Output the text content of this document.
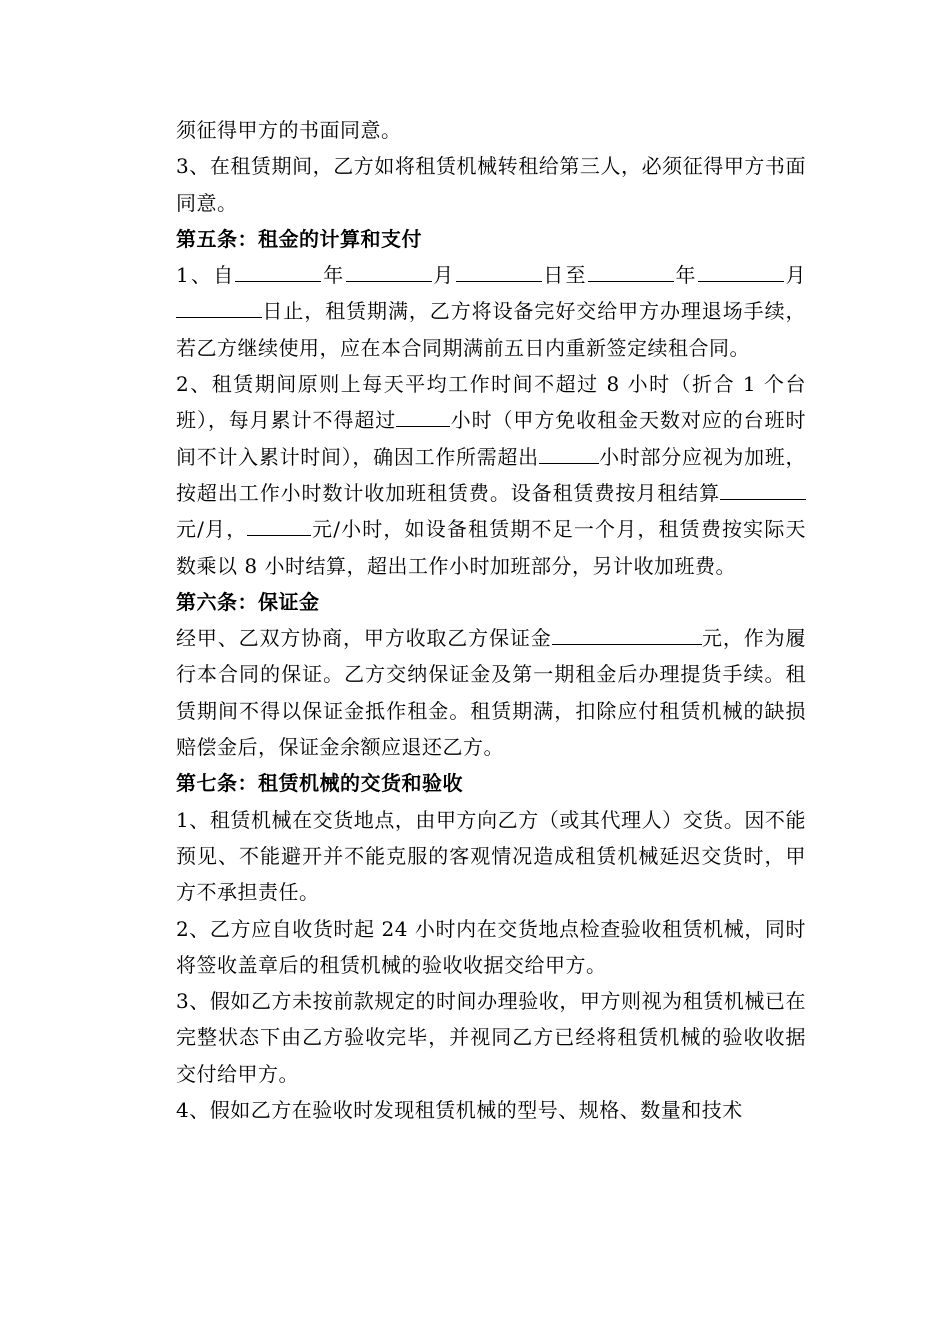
须征得甲方的书面同意。

3、在租赁期间，乙方如将租赁机械转租给第三人，必须征得甲方书面同意。

第五条：租金的计算和支付

1、自	年	月	日至	年	月日止，租赁期满，乙方将设备完好交给甲方办理退场手续，若乙方继续使用，应在本合同期满前五日内重新签定续租合同。

2、租赁期间原则上每天平均工作时间不超过 8 小时（折合 1 个台班），每月累计不得超过	小时（甲方免收租金天数对应的台班时间不计入累计时间），确因工作所需超出	小时部分应视为加班，按超出工作小时数计收加班租赁费。设备租赁费按月租结算元/月，	元/小时，如设备租赁期不足一个月，租赁费按实际天数乘以 8 小时结算，超出工作小时加班部分，另计收加班费。

第六条：保证金

经甲、乙双方协商，甲方收取乙方保证金	元，作为履行本合同的保证。乙方交纳保证金及第一期租金后办理提货手续。租赁期间不得以保证金抵作租金。租赁期满，扣除应付租赁机械的缺损赔偿金后，保证金余额应退还乙方。

第七条：租赁机械的交货和验收

1、租赁机械在交货地点，由甲方向乙方（或其代理人）交货。因不能预见、不能避开并不能克服的客观情况造成租赁机械延迟交货时，甲方不承担责任。

2、乙方应自收货时起 24 小时内在交货地点检查验收租赁机械，同时将签收盖章后的租赁机械的验收收据交给甲方。

3、假如乙方未按前款规定的时间办理验收，甲方则视为租赁机械已在完整状态下由乙方验收完毕，并视同乙方已经将租赁机械的验收收据交付给甲方。

4、假如乙方在验收时发现租赁机械的型号、规格、数量和技术
